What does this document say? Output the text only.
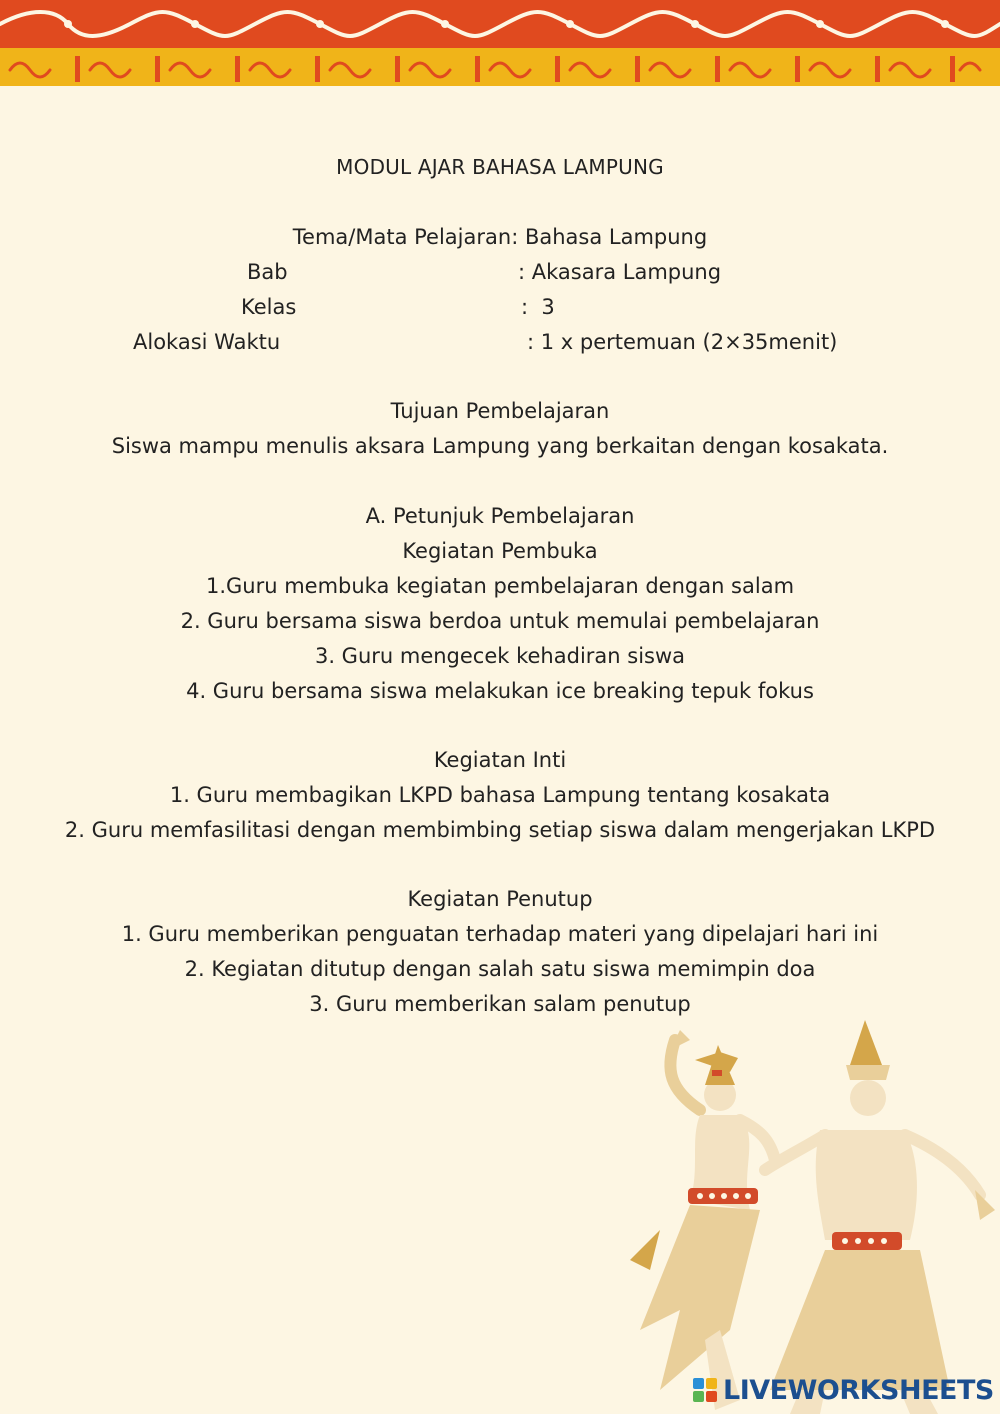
MODUL AJAR BAHASA LAMPUNG
Tema/Mata Pelajaran: Bahasa Lampung
Bab	: Akasara Lampung
Kelas	:  3
Alokasi Waktu	: 1 x pertemuan (2×35menit)
Tujuan Pembelajaran
Siswa mampu menulis aksara Lampung yang berkaitan dengan kosakata.
A. Petunjuk Pembelajaran
Kegiatan Pembuka
1.Guru membuka kegiatan pembelajaran dengan salam
2. Guru bersama siswa berdoa untuk memulai pembelajaran
3. Guru mengecek kehadiran siswa
4. Guru bersama siswa melakukan ice breaking tepuk fokus
Kegiatan Inti
1. Guru membagikan LKPD bahasa Lampung tentang kosakata
2. Guru memfasilitasi dengan membimbing setiap siswa dalam mengerjakan LKPD
Kegiatan Penutup
1. Guru memberikan penguatan terhadap materi yang dipelajari hari ini
2. Kegiatan ditutup dengan salah satu siswa memimpin doa
3. Guru memberikan salam penutup
LIVEWORKSHEETS
